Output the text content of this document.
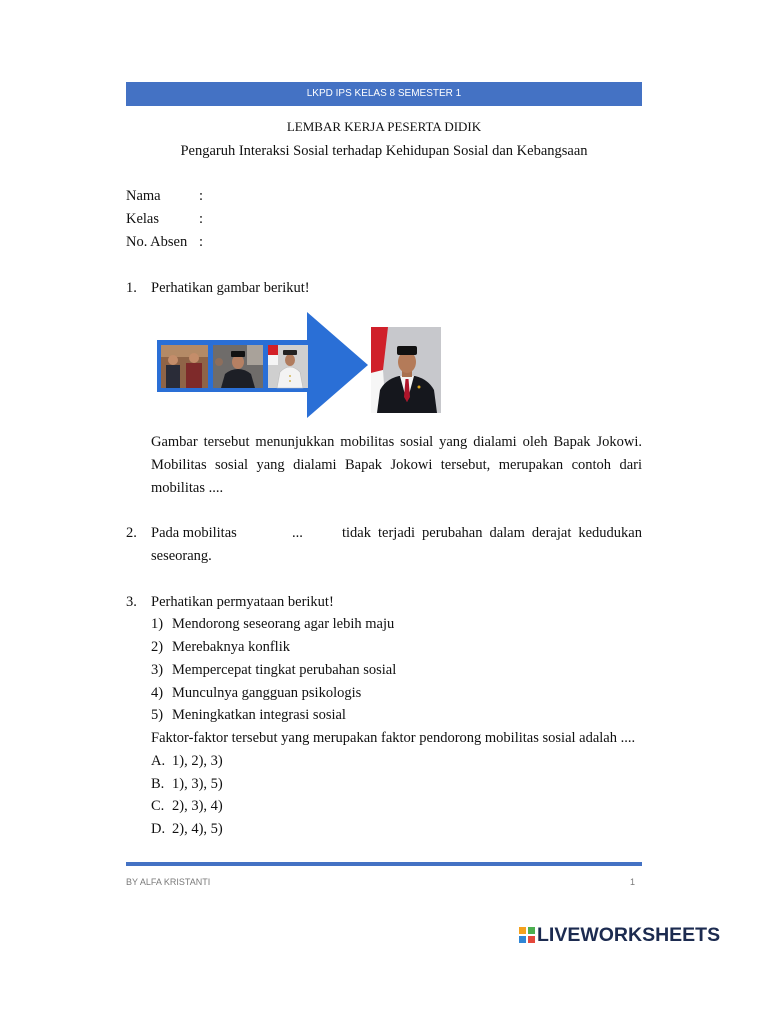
LKPD IPS KELAS 8 SEMESTER 1
LEMBAR KERJA PESERTA DIDIK
Pengaruh Interaksi Sosial terhadap Kehidupan Sosial dan Kebangsaan
Nama	:
Kelas	:
No. Absen :
1. Perhatikan gambar berikut!
Gambar tersebut menunjukkan mobilitas sosial yang dialami oleh Bapak Jokowi.
Mobilitas sosial yang dialami Bapak Jokowi tersebut, merupakan contoh dari
mobilitas ....
2. Pada mobilitas	...	tidak terjadi perubahan dalam derajat kedudukan
seseorang.
3. Perhatikan permyataan berikut!
1) Mendorong seseorang agar lebih maju
2) Merebaknya konflik
3) Mempercepat tingkat perubahan sosial
4) Munculnya gangguan psikologis
5) Meningkatkan integrasi sosial
Faktor-faktor tersebut yang merupakan faktor pendorong mobilitas sosial adalah ....
A. 1), 2), 3)
B. 1), 3), 5)
C. 2), 3), 4)
D. 2), 4), 5)
BY ALFA KRISTANTI	1
LIVEWORKSHEETS
